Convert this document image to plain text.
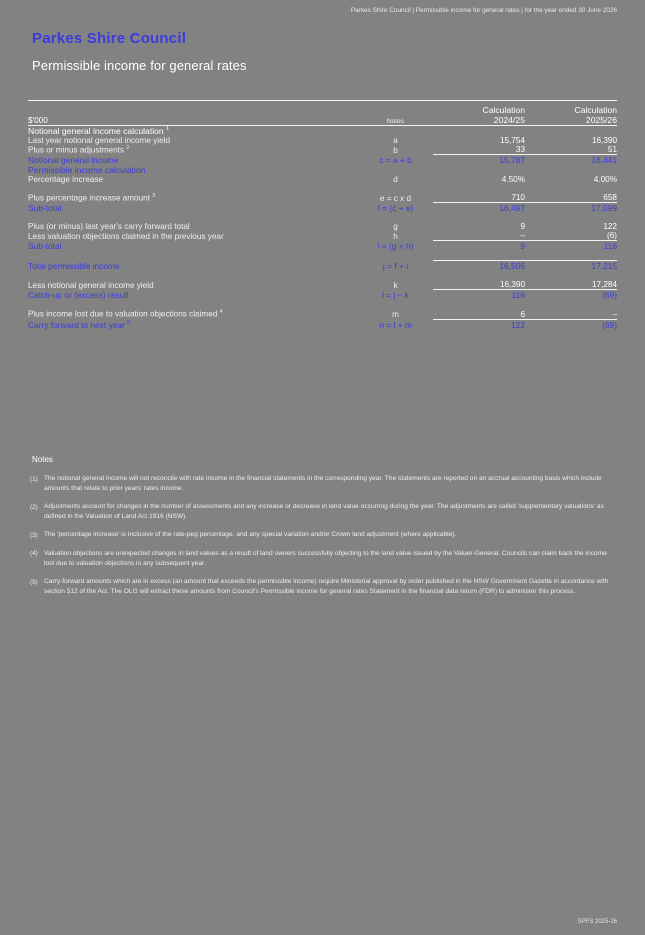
Parkes Shire Council | Permissible income for general rates | for the year ended 30 June 2026
Parkes Shire Council
Permissible income for general rates

		Calculation	Calculation
$'000	Notes	2024/25	2025/26
Notional general income calculation $^1$			
Last year notional general income yield	a	15,754	16,390
Plus or minus adjustments $^2$	b	33	51
Notional general income	c = a + b	15,787	16,441
Permissible income calculation			
Percentage increase	d	4.50%	4.00%

Plus percentage increase amount $^3$	e = c x d	710	658
Sub-total	f = (c + e)	16,497	17,099

Plus (or minus) last year's carry forward total	g	9	122
Less valuation objections claimed in the previous year	h	–	(6)
Sub-total	i = (g + h)	9	116

Total permissible income	j = f + i	16,506	17,215

Less notional general income yield	k	16,390	17,284
Catch-up or (excess) result	l = j – k	116	(69)

Plus income lost due to valuation objections claimed $^4$	m	6	–
Carry forward to next year $^5$	n = l + m	122	(69)
Notes
(1) The notional general income will not reconcile with rate income in the financial statements in the corresponding year. The statements are reported on an accrual accounting basis which include amounts that relate to prior years' rates income.
(2) Adjustments account for changes in the number of assessments and any increase or decrease in land value occurring during the year. The adjustments are called 'supplementary valuations' as defined in the Valuation of Land Act 1916 (NSW).
(3) The 'percentage increase' is inclusive of the rate-peg percentage, and any special variation and/or Crown land adjustment (where applicable).
(4) Valuation objections are unexpected changes in land values as a result of land owners successfully objecting to the land value issued by the Valuer-General. Councils can claim back the income lost due to valuation objections in any subsequent year.
(5) Carry-forward amounts which are in excess (an amount that exceeds the permissible income) require Ministerial approval by order published in the NSW Government Gazette in accordance with section 512 of the Act. The OLG will extract these amounts from Council's Permissible income for general rates Statement in the financial data return (FDR) to administer this process.
SPFS 2025-26
